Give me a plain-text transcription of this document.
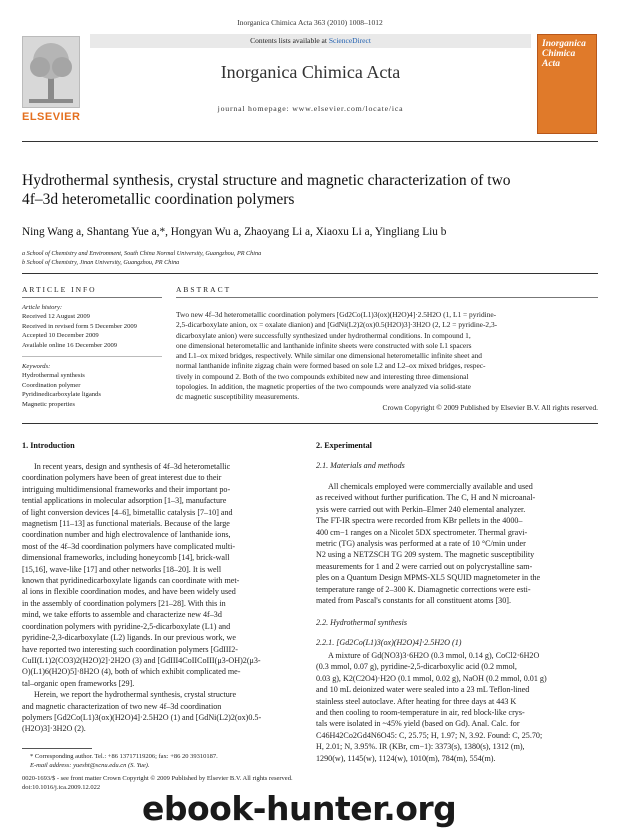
Inorganica Chimica Acta 363 (2010) 1008–1012
ELSEVIER
Contents lists available at ScienceDirect
Inorganica Chimica Acta
journal homepage: www.elsevier.com/locate/ica
Inorganica Chimica Acta
Hydrothermal synthesis, crystal structure and magnetic characterization of two
4f–3d heterometallic coordination polymers
Ning Wang a, Shantang Yue a,*, Hongyan Wu a, Zhaoyang Li a, Xiaoxu Li a, Yingliang Liu b
a School of Chemistry and Environment, South China Normal University, Guangzhou, PR China
b School of Chemistry, Jinan University, Guangzhou, PR China
ARTICLE INFO
Article history:
Received 12 August 2009
Received in revised form 5 December 2009
Accepted 10 December 2009
Available online 16 December 2009
Keywords:
Hydrothermal synthesis
Coordination polymer
Pyridinedicarboxylate ligands
Magnetic properties
ABSTRACT
Two new 4f–3d heterometallic coordination polymers [Gd2Co(L1)3(ox)(H2O)4]·2.5H2O (1, L1 = pyridine-
2,5-dicarboxylate anion, ox = oxalate dianion) and [GdNi(L2)2(ox)0.5(H2O)3]·3H2O (2, L2 = pyridine-2,3-
dicarboxylate anion) were successfully synthesized under hydrothermal conditions. In compound 1,
one dimensional heterometallic and lanthanide infinite sheets were constructed with sole L1 spacers
and L1–ox mixed bridges, respectively. While similar one dimensional heterometallic infinite sheet and
normal lanthanide infinite zigzag chain were formed based on sole L2 and L2–ox mixed bridges, respec-
tively in compound 2. Both of the two compounds exhibited new and interesting three dimensional
topologies. In addition, the magnetic properties of the two compounds were analyzed via solid-state
dc magnetic susceptibility measurements.
Crown Copyright © 2009 Published by Elsevier B.V. All rights reserved.
1. Introduction
In recent years, design and synthesis of 4f–3d heterometallic
coordination polymers have been of great interest due to their
intriguing multidimensional frameworks and their important po-
tential applications in molecular adsorption [1–3], manufacture
of light conversion devices [4–6], bimetallic catalysis [7–10] and
magnetism [11–13] as functional materials. Because of the large
coordination number and high electrovalence of lanthanide ions,
most of the 4f–3d coordination polymers have complicated multi-
dimensional frameworks, including honeycomb [14], brick-wall
[15,16], wave-like [17] and other networks [18–20]. It is well
known that pyridinedicarboxylate ligands can coordinate with met-
al ions in flexible coordination modes, and have been widely used
in the assembly of coordination polymers [21–28]. With this in
mind, we take efforts to assemble and characterize new 4f–3d
coordination polymers with pyridine-2,5-dicarboxylate (L1) and
pyridine-2,3-dicarboxylate (L2) ligands. In our previous work, we
have reported two interesting such coordination polymers [GdIII2-
CuII(L1)2(CO3)2(H2O)2]·2H2O (3) and [GdIII4CoIICoIII(μ3-OH)2(μ3-
O)(L1)6(H2O)5]·8H2O (4), both of which exhibit complicated me-
tal–organic open frameworks [29].
Herein, we report the hydrothermal synthesis, crystal structure
and magnetic characterization of two new 4f–3d coordination
polymers [Gd2Co(L1)3(ox)(H2O)4]·2.5H2O (1) and [GdNi(L2)2(ox)0.5-
(H2O)3]·3H2O (2).
* Corresponding author. Tel.: +86 13717119206; fax: +86 20 39310187.
E-mail address: yuesht@scnu.edu.cn (S. Yue).
0020-1693/$ - see front matter Crown Copyright © 2009 Published by Elsevier B.V. All rights reserved.
doi:10.1016/j.ica.2009.12.022
2. Experimental
2.1. Materials and methods
All chemicals employed were commercially available and used
as received without further purification. The C, H and N microanal-
ysis were carried out with Perkin–Elmer 240 elemental analyzer.
The FT-IR spectra were recorded from KBr pellets in the 4000–
400 cm−1 ranges on a Nicolet 5DX spectrometer. Thermal gravi-
metric (TG) analysis was performed at a rate of 10 °C/min under
N2 using a NETZSCH TG 209 system. The magnetic susceptibility
measurements for 1 and 2 were carried out on polycrystalline sam-
ples on a Quantum Design MPMS-XL5 SQUID magnetometer in the
temperature range of 2–300 K. Diamagnetic corrections were esti-
mated from Pascal's constants for all constituent atoms [30].
2.2. Hydrothermal synthesis
2.2.1. [Gd2Co(L1)3(ox)(H2O)4]·2.5H2O (1)
A mixture of Gd(NO3)3·6H2O (0.3 mmol, 0.14 g), CoCl2·6H2O
(0.3 mmol, 0.07 g), pyridine-2,5-dicarboxylic acid (0.2 mmol,
0.03 g), K2(C2O4)·H2O (0.1 mmol, 0.02 g), NaOH (0.2 mmol, 0.01 g)
and 10 mL deionized water were sealed into a 23 mL Teflon-lined
stainless steel autoclave. After heating for three days at 443 K
and then cooling to room-temperature in air, red block-like crys-
tals were isolated in ~45% yield (based on Gd). Anal. Calc. for
C46H42Co2Gd4N6O45: C, 25.75; H, 1.97; N, 3.92. Found: C, 25.70;
H, 2.01; N, 3.95%. IR (KBr, cm−1): 3373(s), 1380(s), 1312 (m),
1290(w), 1145(w), 1124(w), 1010(m), 784(m), 554(m).
ebook-hunter.org
